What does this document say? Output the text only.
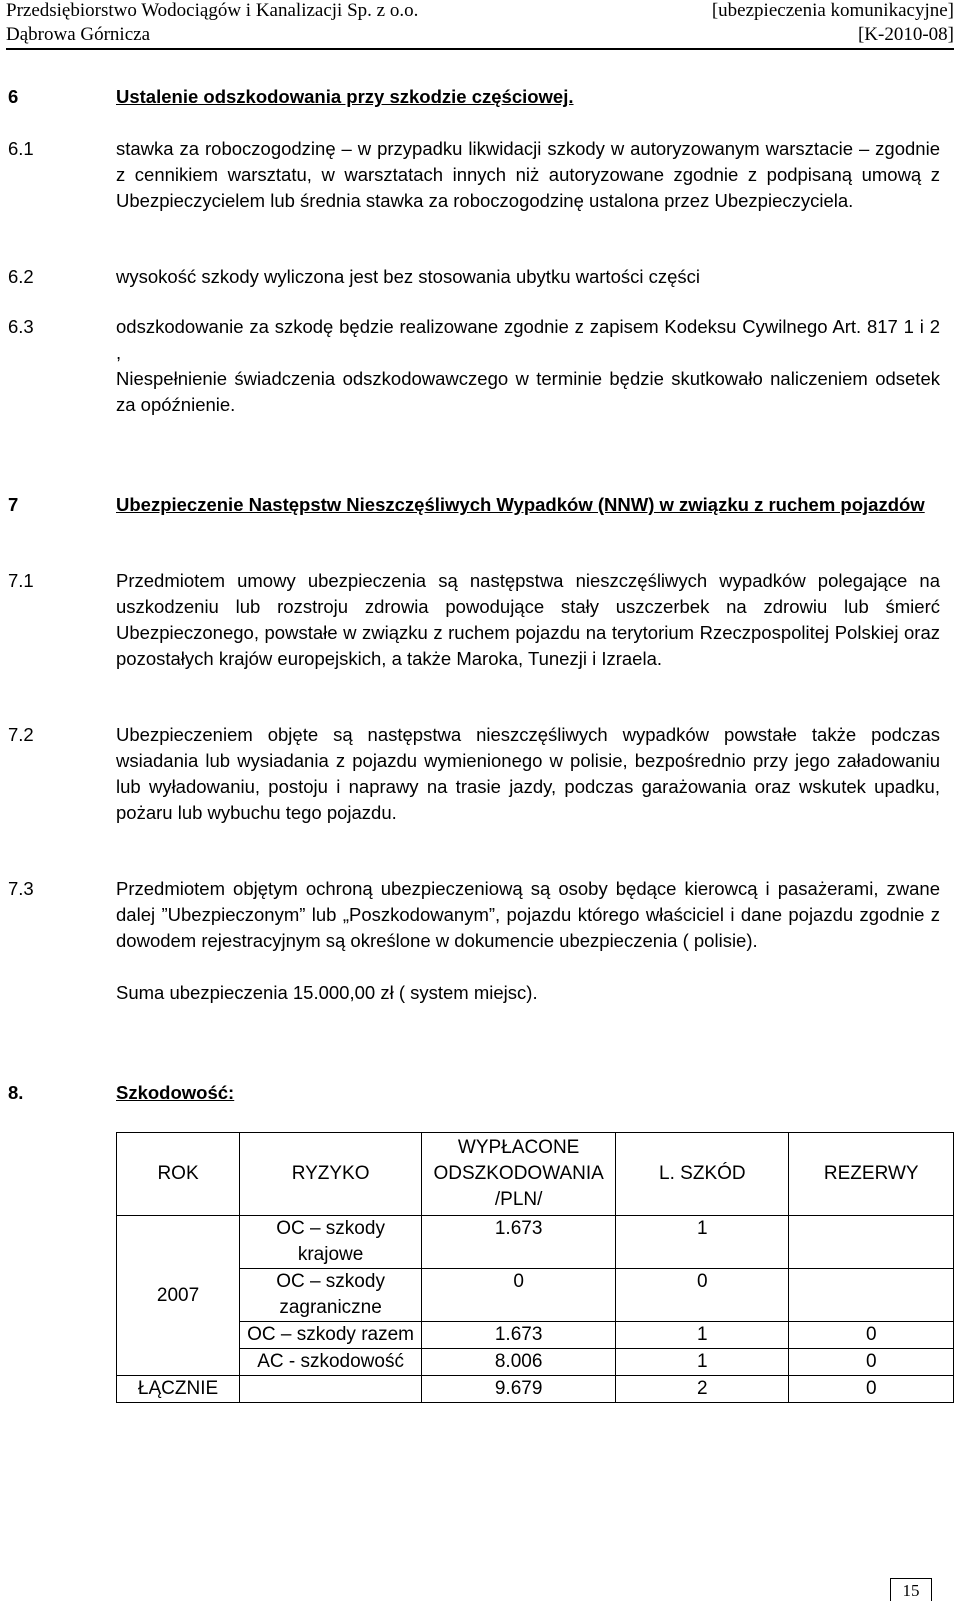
Przedsiębiorstwo Wodociągów i Kanalizacji Sp. z o.o.	[ubezpieczenia komunikacyjne]
Dąbrowa Górnicza	[K-2010-08]
6	Ustalenie odszkodowania przy szkodzie częściowej.
6.1	stawka za roboczogodzinę – w przypadku likwidacji szkody w autoryzowanym warsztacie – zgodnie z cennikiem warsztatu, w warsztatach innych niż autoryzowane zgodnie z podpisaną umową z Ubezpieczycielem lub średnia stawka za roboczogodzinę ustalona przez Ubezpieczyciela.
6.2	wysokość szkody wyliczona jest bez stosowania ubytku wartości części
6.3	odszkodowanie za szkodę będzie realizowane zgodnie z zapisem Kodeksu Cywilnego Art. 817 1 i 2 ,

Niespełnienie świadczenia odszkodowawczego w terminie będzie skutkowało naliczeniem odsetek za opóźnienie.

7	Ubezpieczenie Następstw Nieszczęśliwych Wypadków (NNW) w związku z ruchem pojazdów
7.1	Przedmiotem umowy ubezpieczenia są następstwa nieszczęśliwych wypadków polegające na uszkodzeniu lub rozstroju zdrowia powodujące stały uszczerbek na zdrowiu lub śmierć Ubezpieczonego, powstałe w związku z ruchem pojazdu na terytorium Rzeczpospolitej Polskiej oraz pozostałych krajów europejskich, a także Maroka, Tunezji i Izraela.
7.2	Ubezpieczeniem objęte są następstwa nieszczęśliwych wypadków powstałe także podczas wsiadania lub wysiadania z pojazdu wymienionego w polisie, bezpośrednio przy jego załadowaniu lub wyładowaniu, postoju i naprawy na trasie jazdy, podczas garażowania oraz wskutek upadku, pożaru lub wybuchu tego pojazdu.
7.3	Przedmiotem objętym ochroną ubezpieczeniową są osoby będące kierowcą i pasażerami, zwane dalej ”Ubezpieczonym” lub „Poszkodowanym”, pojazdu którego właściciel i dane pojazdu zgodnie z dowodem rejestracyjnym są określone w dokumencie ubezpieczenia ( polisie).

Suma ubezpieczenia 15.000,00 zł ( system miejsc).

8.	Szkodowość:
ROK	RYZYKO	WYPŁACONE ODSZKODOWANIA /PLN/	L. SZKÓD	REZERWY
2007	OC – szkody krajowe	1.673	1	
	OC – szkody zagraniczne	0	0	
	OC – szkody razem	1.673	1	0
	AC - szkodowość	8.006	1	0
ŁĄCZNIE		9.679	2	0
15
